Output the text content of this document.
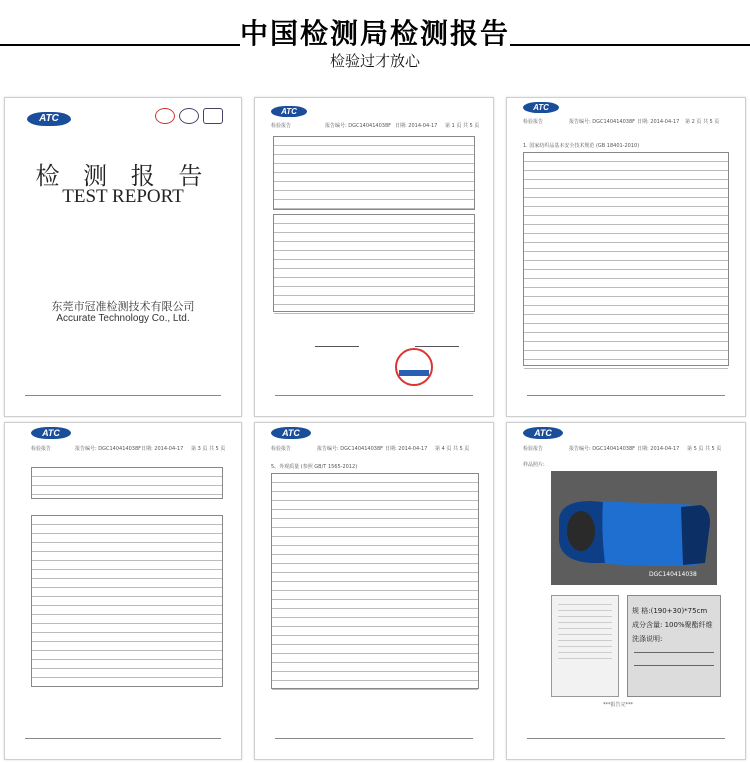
中国检测局检测报告
检验过才放心
ATC
检 测 报 告
TEST REPORT
东莞市冠准检测技术有限公司
Accurate Technology Co., Ltd.
ATC
检验报告	报告编号: DGC140414038F 日期: 2014-04-17 第 1 页 共 5 页
ATC
检验报告	报告编号: DGC140414038F 日期: 2014-04-17 第 2 页 共 5 页
1. 国家纺织品基本安全技术规范 (GB 18401-2010)
ATC
检验报告	报告编号: DGC140414038F 日期: 2014-04-17 第 3 页 共 5 页
ATC
检验报告	报告编号: DGC140414038F 日期: 2014-04-17 第 4 页 共 5 页
5、外观质量 (参照 GB/T 1565-2012)
ATC
检验报告	报告编号: DGC140414038F 日期: 2014-04-17 第 5 页 共 5 页
样品照片:
DGC140414038
规 格:(190+30)*75cm
成分含量: 100%聚酯纤维
洗涤说明:
***报告完***
